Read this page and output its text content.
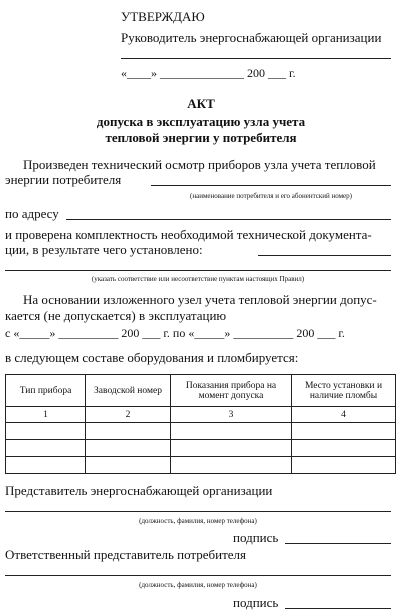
УТВЕРЖДАЮ
Руководитель энергоснабжающей организации
«____» ______________ 200 ___ г.
АКТ
допуска в эксплуатацию узла учета
тепловой энергии у потребителя
Произведен технический осмотр приборов узла учета тепловой
энергии потребителя
(наименование потребителя и его абонентский номер)
по адресу
и проверена комплектность необходимой технической документа-
ции, в результате чего установлено:
(указать соответствие или несоответствие пунктам настоящих Правил)
На основании изложенного узел учета тепловой энергии допус-
кается (не допускается) в эксплуатацию
с «_____» __________ 200 ___ г. по «_____» __________ 200 ___ г.
в следующем составе оборудования и пломбируется:
Тип прибора	Заводской номер	Показания прибора на момент допуска	Место установки и наличие пломбы
1	2	3	4

Представитель энергоснабжающей организации
(должность, фамилия, номер телефона)
подпись
Ответственный представитель потребителя
(должность, фамилия, номер телефона)
подпись
